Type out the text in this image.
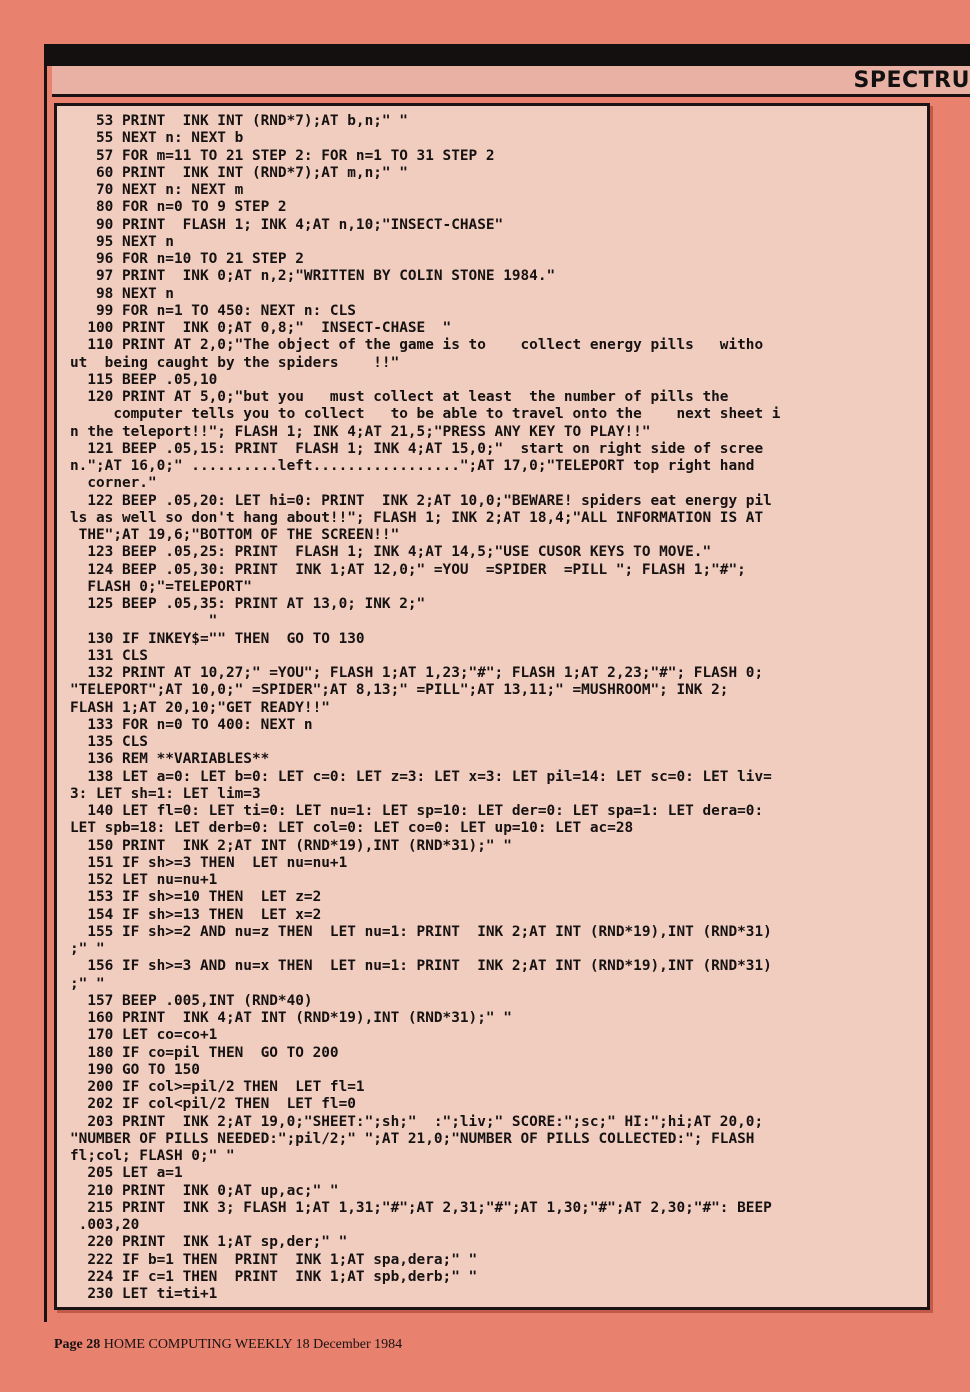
SPECTRU
53 PRINT  INK INT (RND*7);AT b,n;" "
55 NEXT n: NEXT b
57 FOR m=11 TO 21 STEP 2: FOR n=1 TO 31 STEP 2
60 PRINT  INK INT (RND*7);AT m,n;" "
70 NEXT n: NEXT m
80 FOR n=0 TO 9 STEP 2
90 PRINT  FLASH 1; INK 4;AT n,10;"INSECT-CHASE"
95 NEXT n
96 FOR n=10 TO 21 STEP 2
97 PRINT  INK 0;AT n,2;"WRITTEN BY COLIN STONE 1984."
98 NEXT n
99 FOR n=1 TO 450: NEXT n: CLS
100 PRINT  INK 0;AT 0,8;"  INSECT-CHASE  "
110 PRINT AT 2,0;"The object of the game is to    collect energy pills   witho
ut  being caught by the spiders    !!"
115 BEEP .05,10
120 PRINT AT 5,0;"but you   must collect at least  the number of pills the
computer tells you to collect   to be able to travel onto the    next sheet i
n the teleport!!"; FLASH 1; INK 4;AT 21,5;"PRESS ANY KEY TO PLAY!!"
121 BEEP .05,15: PRINT  FLASH 1; INK 4;AT 15,0;"  start on right side of scree
n.";AT 16,0;" ..........left.................";AT 17,0;"TELEPORT top right hand
corner."
122 BEEP .05,20: LET hi=0: PRINT  INK 2;AT 10,0;"BEWARE! spiders eat energy pil
ls as well so don't hang about!!"; FLASH 1; INK 2;AT 18,4;"ALL INFORMATION IS AT
THE";AT 19,6;"BOTTOM OF THE SCREEN!!"
123 BEEP .05,25: PRINT  FLASH 1; INK 4;AT 14,5;"USE CUSOR KEYS TO MOVE."
124 BEEP .05,30: PRINT  INK 1;AT 12,0;" =YOU  =SPIDER  =PILL "; FLASH 1;"#";
FLASH 0;"=TELEPORT"
125 BEEP .05,35: PRINT AT 13,0; INK 2;"
"
130 IF INKEY$="" THEN  GO TO 130
131 CLS
132 PRINT AT 10,27;" =YOU"; FLASH 1;AT 1,23;"#"; FLASH 1;AT 2,23;"#"; FLASH 0;
"TELEPORT";AT 10,0;" =SPIDER";AT 8,13;" =PILL";AT 13,11;" =MUSHROOM"; INK 2;
FLASH 1;AT 20,10;"GET READY!!"
133 FOR n=0 TO 400: NEXT n
135 CLS
136 REM **VARIABLES**
138 LET a=0: LET b=0: LET c=0: LET z=3: LET x=3: LET pil=14: LET sc=0: LET liv=
3: LET sh=1: LET lim=3
140 LET fl=0: LET ti=0: LET nu=1: LET sp=10: LET der=0: LET spa=1: LET dera=0:
LET spb=18: LET derb=0: LET col=0: LET co=0: LET up=10: LET ac=28
150 PRINT  INK 2;AT INT (RND*19),INT (RND*31);" "
151 IF sh>=3 THEN  LET nu=nu+1
152 LET nu=nu+1
153 IF sh>=10 THEN  LET z=2
154 IF sh>=13 THEN  LET x=2
155 IF sh>=2 AND nu=z THEN  LET nu=1: PRINT  INK 2;AT INT (RND*19),INT (RND*31)
;" "
156 IF sh>=3 AND nu=x THEN  LET nu=1: PRINT  INK 2;AT INT (RND*19),INT (RND*31)
;" "
157 BEEP .005,INT (RND*40)
160 PRINT  INK 4;AT INT (RND*19),INT (RND*31);" "
170 LET co=co+1
180 IF co=pil THEN  GO TO 200
190 GO TO 150
200 IF col>=pil/2 THEN  LET fl=1
202 IF col<pil/2 THEN  LET fl=0
203 PRINT  INK 2;AT 19,0;"SHEET:";sh;"  :";liv;" SCORE:";sc;" HI:";hi;AT 20,0;
"NUMBER OF PILLS NEEDED:";pil/2;" ";AT 21,0;"NUMBER OF PILLS COLLECTED:"; FLASH
fl;col; FLASH 0;" "
205 LET a=1
210 PRINT  INK 0;AT up,ac;" "
215 PRINT  INK 3; FLASH 1;AT 1,31;"#";AT 2,31;"#";AT 1,30;"#";AT 2,30;"#": BEEP
.003,20
220 PRINT  INK 1;AT sp,der;" "
222 IF b=1 THEN  PRINT  INK 1;AT spa,dera;" "
224 IF c=1 THEN  PRINT  INK 1;AT spb,derb;" "
230 LET ti=ti+1
Page 28 HOME COMPUTING WEEKLY 18 December 1984
